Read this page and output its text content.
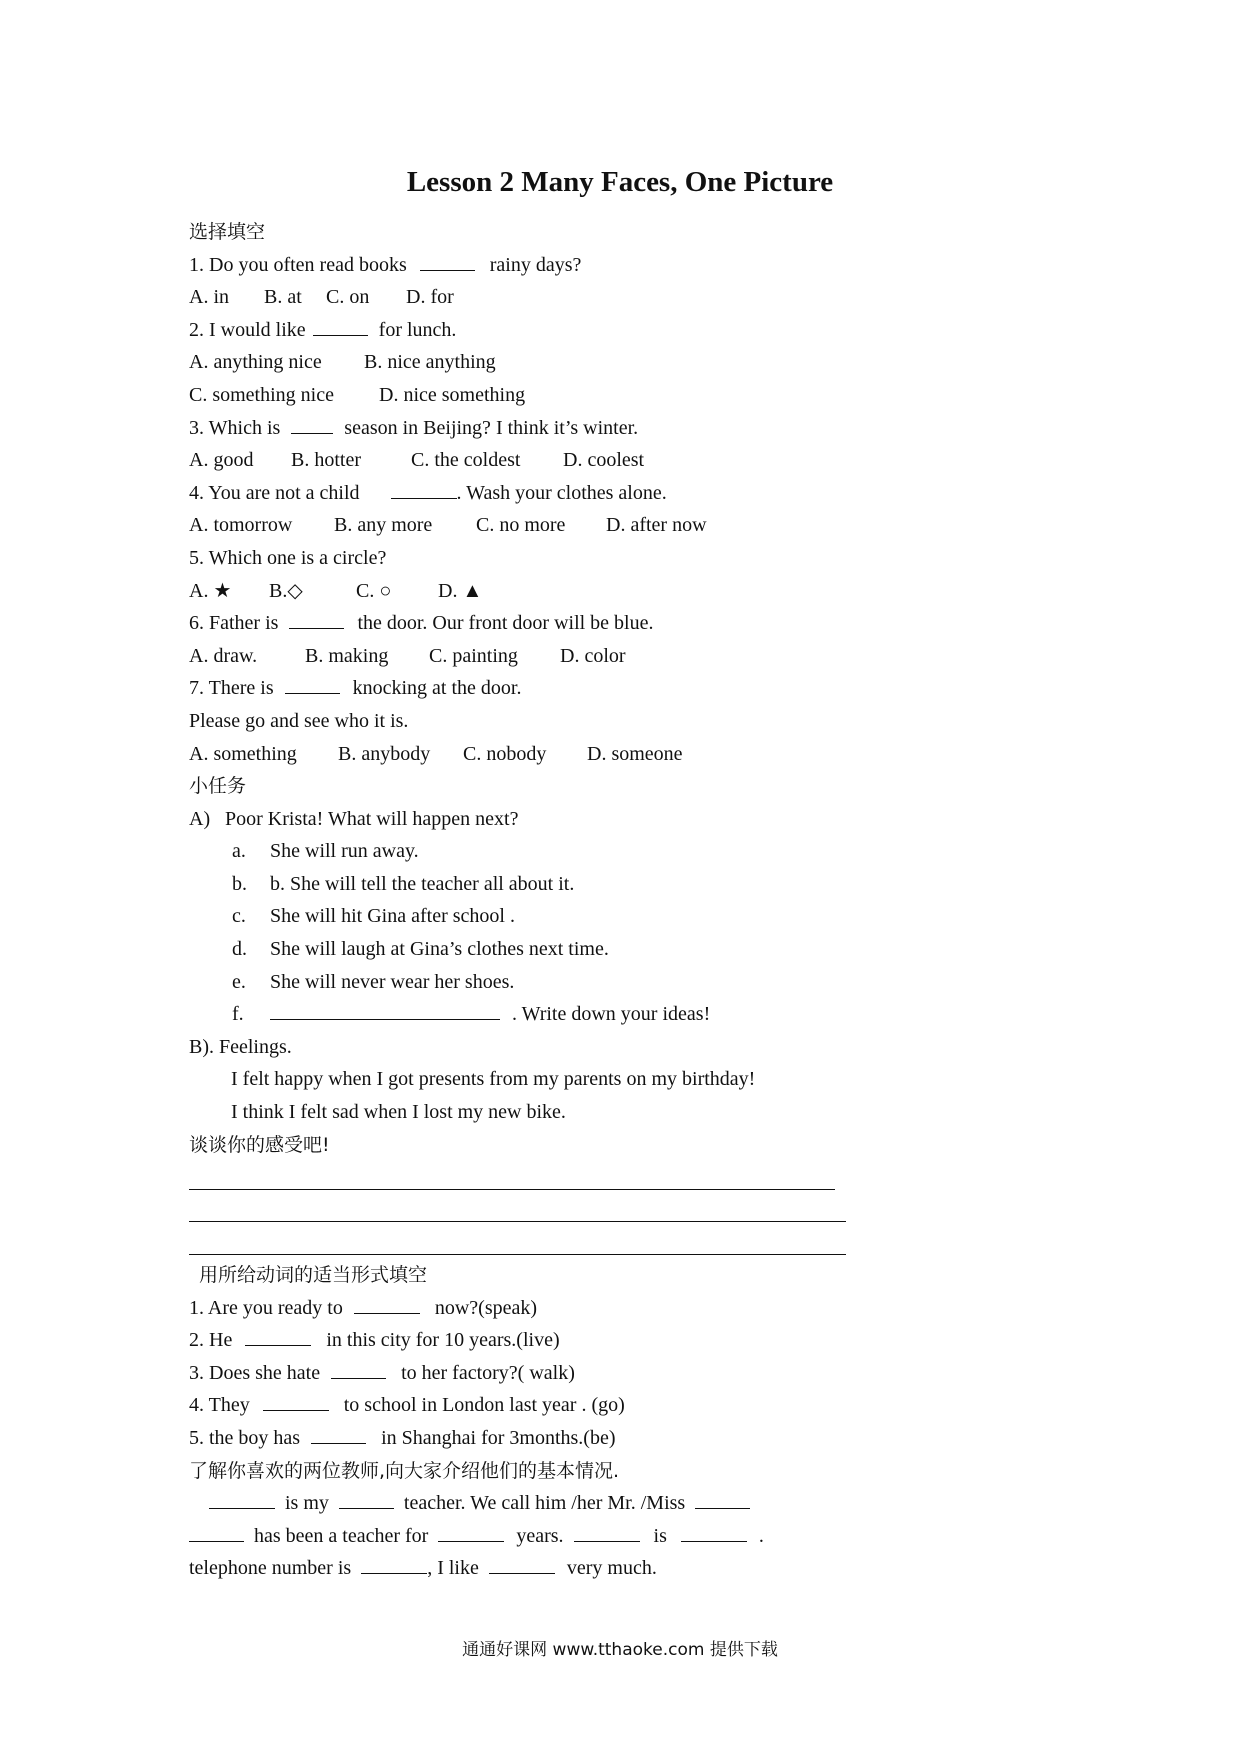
Lesson 2 Many Faces, One Picture
选择填空
1. Do you often read books	rainy days?
A. in B. at C. on D. for
2. I would like	for lunch.
A. anything nice B. nice anything
C. something nice D. nice something
3. Which is	season in Beijing? I think it’s winter.
A. good B. hotter	C. the coldest D. coolest
4. You are not a child	. Wash your clothes alone.
A. tomorrow B. any more C. no more D. after now
5. Which one is a circle?
A. ★ B.◇	C. ○ D. ▲
6. Father is	the door. Our front door will be blue.
A. draw. B. making C. painting D. color
7. There is	knocking at the door.
Please go and see who it is.
A. something B. anybody C. nobody D. someone
小任务
A) Poor Krista! What will happen next?
a. She will run away.
b. b. She will tell the teacher all about it.
c. She will hit Gina after school .
d. She will laugh at Gina’s clothes next time.
e. She will never wear her shoes.
f.	. Write down your ideas!
B). Feelings.
I felt happy when I got presents from my parents on my birthday!
I think I felt sad when I lost my new bike.
谈谈你的感受吧!
用所给动词的适当形式填空
1. Are you ready to	now?(speak)
2. He	in this city for 10 years.(live)
3. Does she hate	to her factory?( walk)
4. They	to school in London last year . (go)
5. the boy has	in Shanghai for 3months.(be)
了解你喜欢的两位教师,向大家介绍他们的基本情况.
is my	teacher. We call him /her Mr. /Miss
has been a teacher for	years.	is	.
telephone number is	, I like	very much.
通通好课网 www.tthaoke.com 提供下载
